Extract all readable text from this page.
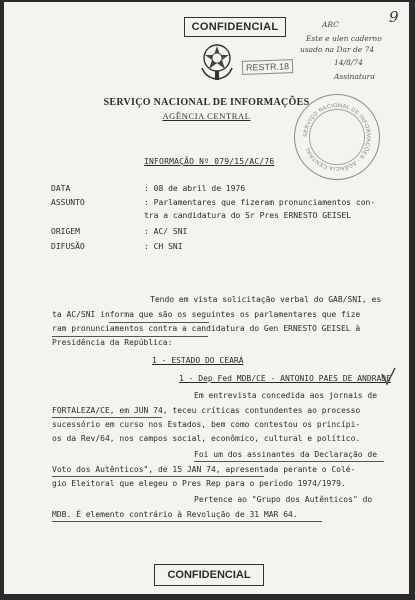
CONFIDENCIAL
9
RESTR.18
ARC
Este e ulen caderno
usado na Dar de 74
14/8/74
Assinatura
SERVIÇO NACIONAL DE INFORMAÇÕES
AGÊNCIA CENTRAL
SERVIÇO NACIONAL DE INFORMAÇÕES · AGÊNCIA CENTRAL
INFORMAÇÃO Nº 079/15/AC/76
DATA	: 08 de abril de 1976
ASSUNTO	: Parlamentares que fizeram pronunciamentos con-
tra a candidatura do Sr Pres ERNESTO GEISEL
ORIGEM	: AC/ SNI
DIFUSÃO	: CH SNI
Tendo em vista solicitação verbal do GAB/SNI, es
ta AC/SNI informa que são os seguintes os parlamentares que fize
ram pronunciamentos contra a candidatura do Gen ERNESTO GEISEL à
Presidência da República:
1 - ESTADO DO CEARÁ
1 - Dep Fed MDB/CE - ANTONIO PAES DE ANDRADE
Em entrevista concedida aos jornais de
FORTALEZA/CE, em JUN 74, teceu críticas contundentes ao processo
sucessório em curso nos Estados, bem como contestou os princípi-
os da Rev/64, nos campos social, econômico, cultural e político.
Foi um dos assinantes da Declaração de
Voto dos Autênticos", de 15 JAN 74, apresentada perante o Colé-
gio Eleitoral que elegeu o Pres Rep para o período 1974/1979.
Pertence ao "Grupo dos Autênticos" do
MDB. É elemento contrário à Revolução de 31 MAR 64.
CONFIDENCIAL
